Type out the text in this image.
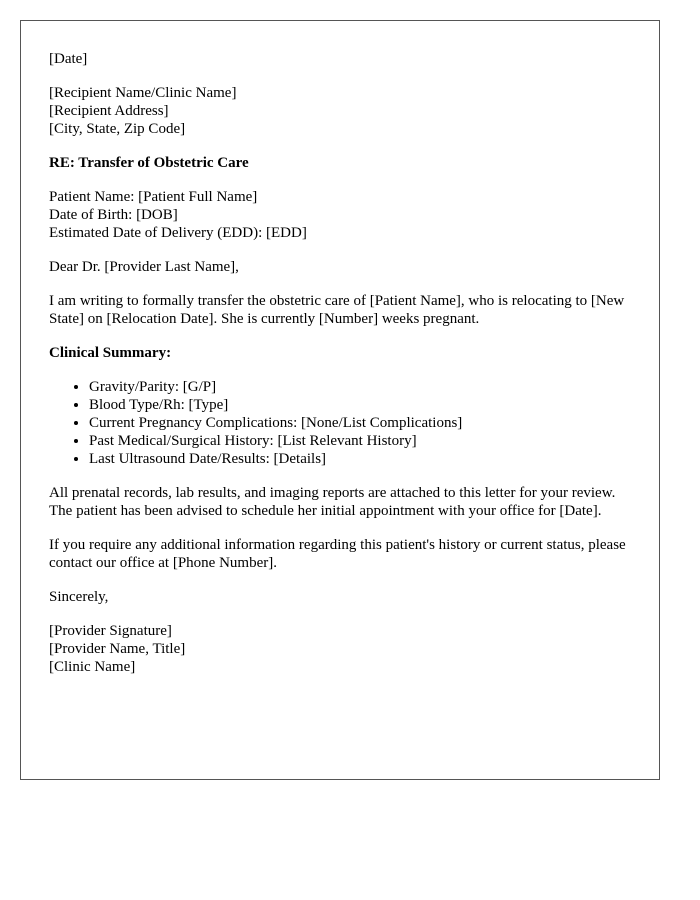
[Date]

[Recipient Name/Clinic Name]

[Recipient Address]

[City, State, Zip Code]

RE: Transfer of Obstetric Care

Patient Name: [Patient Full Name]

Date of Birth: [DOB]

Estimated Date of Delivery (EDD): [EDD]

Dear Dr. [Provider Last Name],

I am writing to formally transfer the obstetric care of [Patient Name], who is relocating to [New State] on [Relocation Date]. She is currently [Number] weeks pregnant.

Clinical Summary:

• Gravity/Parity: [G/P]
• Blood Type/Rh: [Type]
• Current Pregnancy Complications: [None/List Complications]
• Past Medical/Surgical History: [List Relevant History]
• Last Ultrasound Date/Results: [Details]

All prenatal records, lab results, and imaging reports are attached to this letter for your review. The patient has been advised to schedule her initial appointment with your office for [Date].

If you require any additional information regarding this patient's history or current status, please contact our office at [Phone Number].

Sincerely,

[Provider Signature]

[Provider Name, Title]

[Clinic Name]
